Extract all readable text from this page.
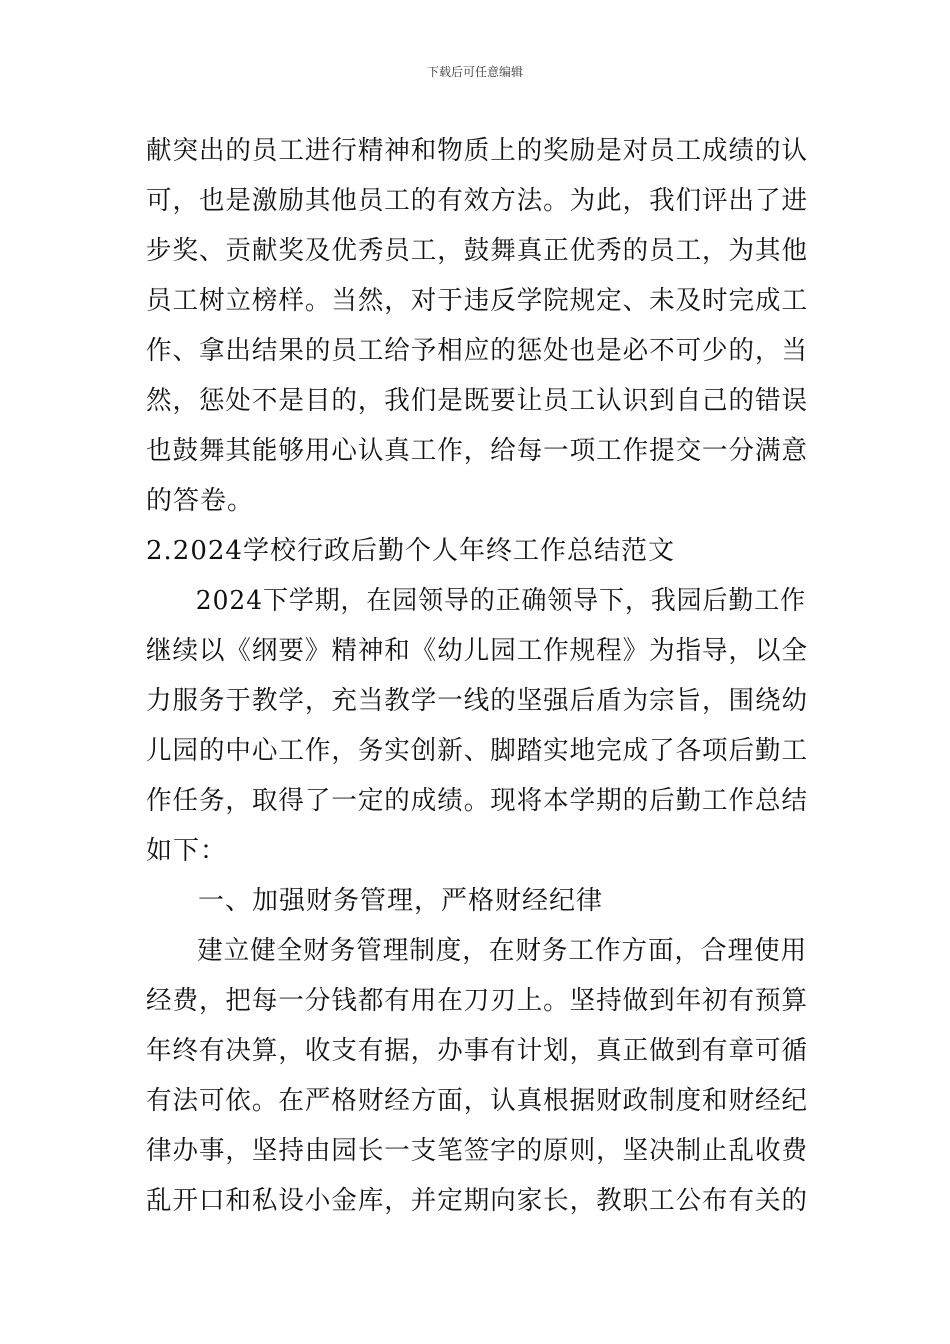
下载后可任意编辑
献突出的员工进行精神和物质上的奖励是对员工成绩的认
可，也是激励其他员工的有效方法。为此，我们评出了进
步奖、贡献奖及优秀员工，鼓舞真正优秀的员工，为其他
员工树立榜样。当然，对于违反学院规定、未及时完成工
作、拿出结果的员工给予相应的惩处也是必不可少的，当
然，惩处不是目的，我们是既要让员工认识到自己的错误
也鼓舞其能够用心认真工作，给每一项工作提交一分满意
的答卷。
2.2024学校行政后勤个人年终工作总结范文
2024下学期，在园领导的正确领导下，我园后勤工作
继续以《纲要》精神和《幼儿园工作规程》为指导，以全
力服务于教学，充当教学一线的坚强后盾为宗旨，围绕幼
儿园的中心工作，务实创新、脚踏实地完成了各项后勤工
作任务，取得了一定的成绩。现将本学期的后勤工作总结
如下：
一、加强财务管理，严格财经纪律
建立健全财务管理制度，在财务工作方面，合理使用
经费，把每一分钱都有用在刀刃上。坚持做到年初有预算
年终有决算，收支有据，办事有计划，真正做到有章可循
有法可依。在严格财经方面，认真根据财政制度和财经纪
律办事，坚持由园长一支笔签字的原则，坚决制止乱收费
乱开口和私设小金库，并定期向家长，教职工公布有关的
